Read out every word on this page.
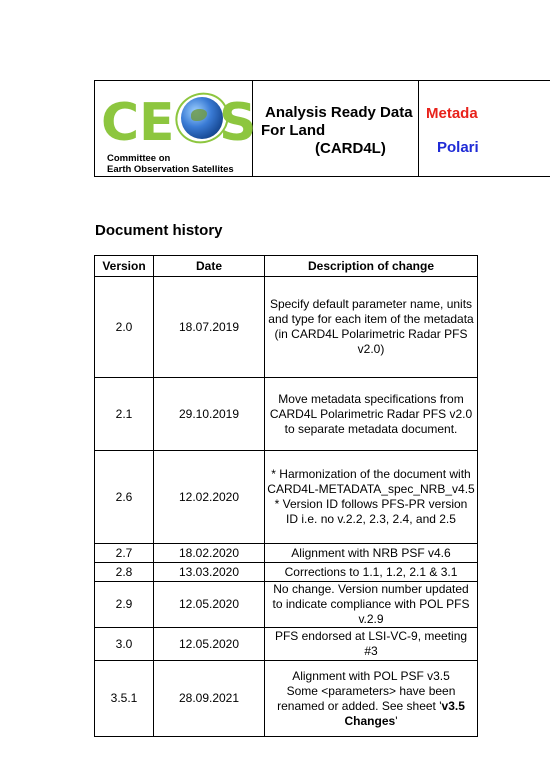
C E S
Committee on
Earth Observation Satellites
Analysis Ready Data
For Land
(CARD4L)
Metada
Polari
Document history
Version	Date	Description of change
2.0	18.07.2019	Specify default parameter name, units and type for each item of the metadata (in CARD4L Polarimetric Radar PFS v2.0)
2.1	29.10.2019	Move metadata specifications from CARD4L Polarimetric Radar PFS v2.0 to separate metadata document.
2.6	12.02.2020	* Harmonization of the document with CARD4L-METADATA_spec_NRB_v4.5
* Version ID follows PFS-PR version ID i.e. no v.2.2, 2.3, 2.4, and 2.5
2.7	18.02.2020	Alignment with NRB PSF v4.6
2.8	13.03.2020	Corrections to 1.1, 1.2, 2.1 & 3.1
2.9	12.05.2020	No change. Version number updated to indicate compliance with POL PFS v.2.9
3.0	12.05.2020	PFS endorsed at LSI-VC-9, meeting #3
3.5.1	28.09.2021	Alignment with POL PSF v3.5
Some <parameters> have been renamed or added. See sheet 'v3.5 Changes'
